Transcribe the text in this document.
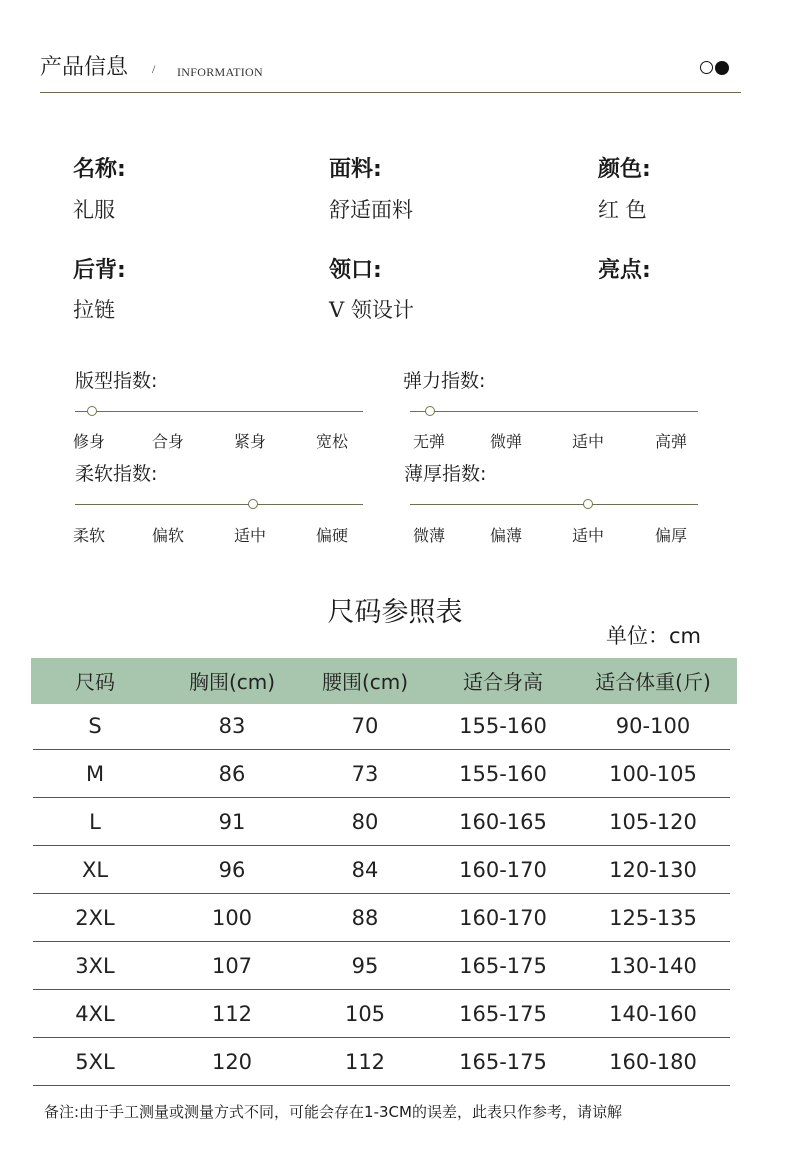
产品信息 / INFORMATION
名称:
礼服
面料:
舒适面料
颜色:
红 色
后背:
拉链
领口:
V 领设计
亮点:
版型指数:
修身	合身	紧身	宽松
弹力指数:
无弹	微弹	适中	高弹
柔软指数:
柔软	偏软	适中	偏硬
薄厚指数:
微薄	偏薄	适中	偏厚
尺码参照表
单位：cm
尺码	胸围(cm)	腰围(cm)	适合身高	适合体重(斤)
S	83	70	155-160	90-100
M	86	73	155-160	100-105
L	91	80	160-165	105-120
XL	96	84	160-170	120-130
2XL	100	88	160-170	125-135
3XL	107	95	165-175	130-140
4XL	112	105	165-175	140-160
5XL	120	112	165-175	160-180
备注:由于手工测量或测量方式不同，可能会存在1-3CM的误差，此表只作参考，请谅解
